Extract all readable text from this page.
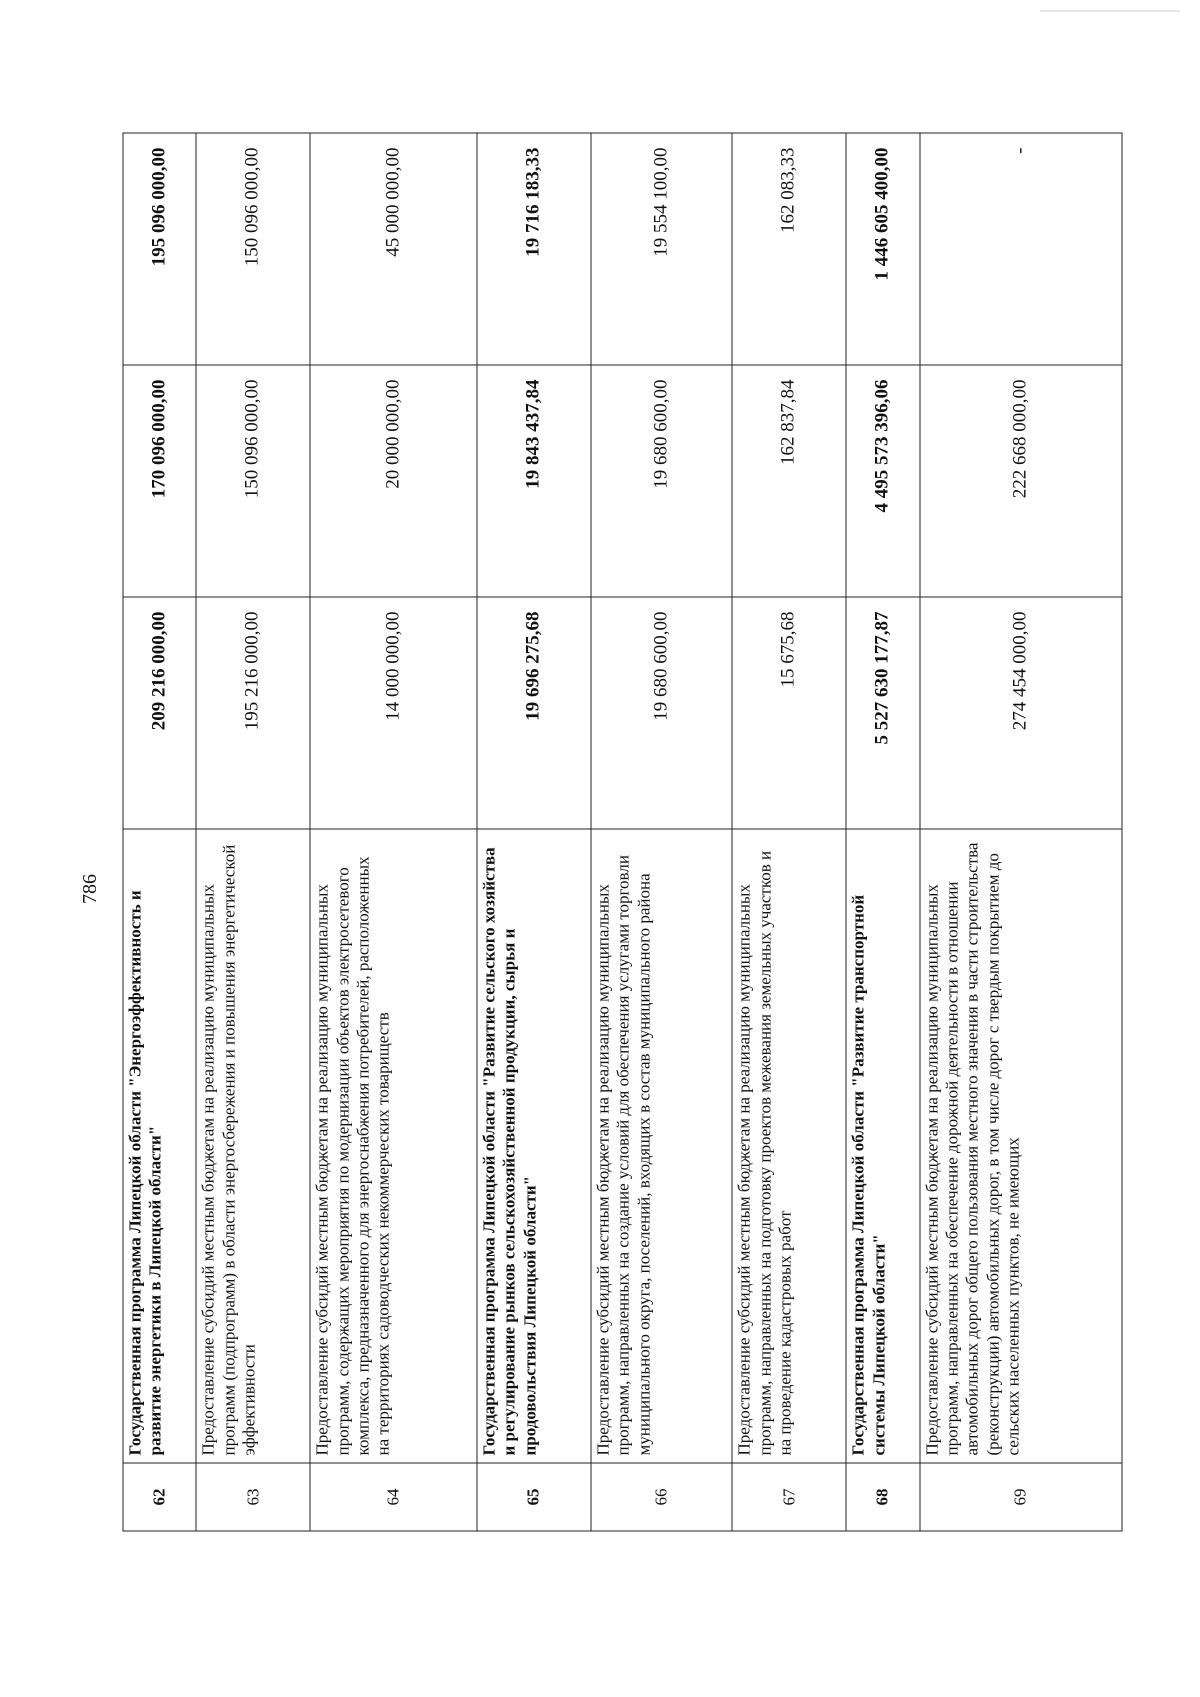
786
62	Государственная программа Липецкой области "Энергоэффективность и развитие энергетики в Липецкой области"	209 216 000,00	170 096 000,00	195 096 000,00
63	Предоставление субсидий местным бюджетам на реализацию муниципальных программ (подпрограмм) в области энергосбережения и повышения энергетической эффективности	195 216 000,00	150 096 000,00	150 096 000,00
64	Предоставление субсидий местным бюджетам на реализацию муниципальных программ, содержащих мероприятия по модернизации объектов электросетевого комплекса, предназначенного для энергоснабжения потребителей, расположенных на территориях садоводческих некоммерческих товариществ	14 000 000,00	20 000 000,00	45 000 000,00
65	Государственная программа Липецкой области "Развитие сельского хозяйства и регулирование рынков сельскохозяйственной продукции, сырья и продовольствия Липецкой области"	19 696 275,68	19 843 437,84	19 716 183,33
66	Предоставление субсидий местным бюджетам на реализацию муниципальных программ, направленных на создание условий для обеспечения услугами торговли муниципального округа, поселений, входящих в состав муниципального района	19 680 600,00	19 680 600,00	19 554 100,00
67	Предоставление субсидий местным бюджетам на реализацию муниципальных программ, направленных на подготовку проектов межевания земельных участков и на проведение кадастровых работ	15 675,68	162 837,84	162 083,33
68	Государственная программа Липецкой области "Развитие транспортной системы Липецкой области"	5 527 630 177,87	4 495 573 396,06	1 446 605 400,00
69	Предоставление субсидий местным бюджетам на реализацию муниципальных программ, направленных на обеспечение дорожной деятельности в отношении автомобильных дорог общего пользования местного значения в части строительства (реконструкции) автомобильных дорог, в том числе дорог с твердым покрытием до сельских населенных пунктов, не имеющих	274 454 000,00	222 668 000,00	-
